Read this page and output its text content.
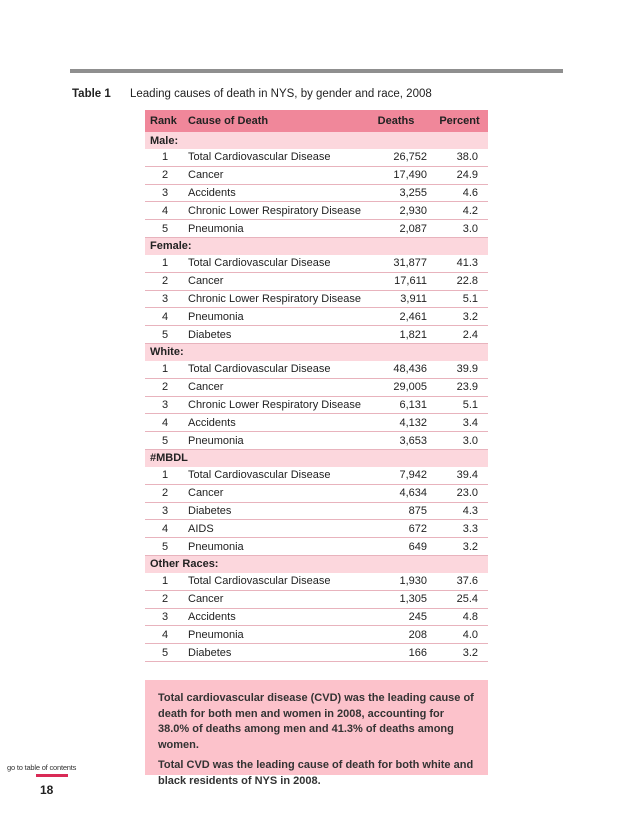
Table 1 Leading causes of death in NYS, by gender and race, 2008
Rank	Cause of Death	Deaths	Percent
Male:
1	Total Cardiovascular Disease	26,752	38.0
2	Cancer	17,490	24.9
3	Accidents	3,255	4.6
4	Chronic Lower Respiratory Disease	2,930	4.2
5	Pneumonia	2,087	3.0
Female:
1	Total Cardiovascular Disease	31,877	41.3
2	Cancer	17,611	22.8
3	Chronic Lower Respiratory Disease	3,911	5.1
4	Pneumonia	2,461	3.2
5	Diabetes	1,821	2.4
White:
1	Total Cardiovascular Disease	48,436	39.9
2	Cancer	29,005	23.9
3	Chronic Lower Respiratory Disease	6,131	5.1
4	Accidents	4,132	3.4
5	Pneumonia	3,653	3.0
#MBDL
1	Total Cardiovascular Disease	7,942	39.4
2	Cancer	4,634	23.0
3	Diabetes	875	4.3
4	AIDS	672	3.3
5	Pneumonia	649	3.2
Other Races:
1	Total Cardiovascular Disease	1,930	37.6
2	Cancer	1,305	25.4
3	Accidents	245	4.8
4	Pneumonia	208	4.0
5	Diabetes	166	3.2

Total cardiovascular disease (CVD) was the leading cause of death for both men and women in 2008, accounting for 38.0% of deaths among men and 41.3% of deaths among women.

Total CVD was the leading cause of death for both white and black residents of NYS in 2008.

go to table of contents
18
